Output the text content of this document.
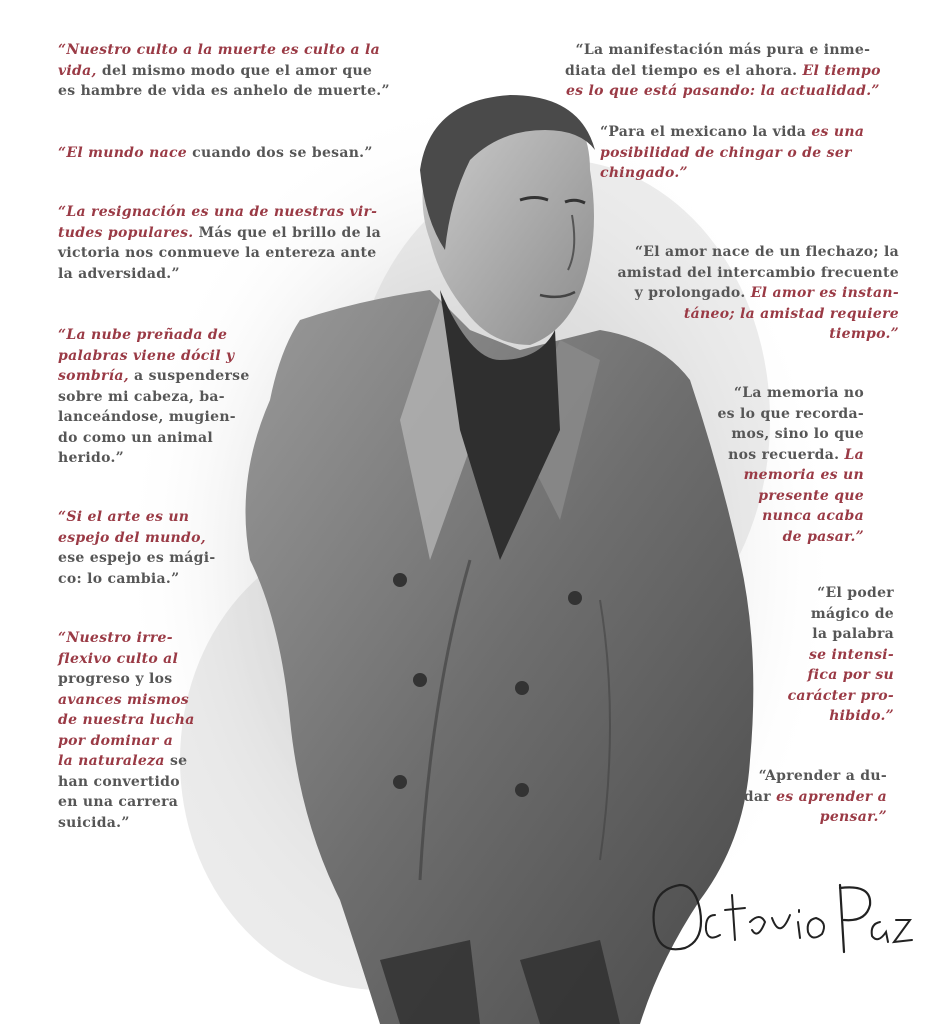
“Nuestro culto a la muerte es culto a la
vida, del mismo modo que el amor que
es hambre de vida es anhelo de muerte.”
“El mundo nace cuando dos se besan.”
“La resignación es una de nuestras vir-
tudes populares. Más que el brillo de la
victoria nos conmueve la entereza ante
la adversidad.”
“La nube preñada de
palabras viene dócil y
sombría, a suspenderse
sobre mi cabeza, ba-
lanceándose, mugien-
do como un animal
herido.”
“Si el arte es un
espejo del mundo,
ese espejo es mági-
co: lo cambia.”
“Nuestro irre-
flexivo culto al
progreso y los
avances mismos
de nuestra lucha
por dominar a
la naturaleza se
han convertido
en una carrera
suicida.”
“La manifestación más pura e inme-
diata del tiempo es el ahora. El tiempo
es lo que está pasando: la actualidad.”
“Para el mexicano la vida es una
posibilidad de chingar o de ser
chingado.”
“El amor nace de un flechazo; la
amistad del intercambio frecuente
y prolongado. El amor es instan-
táneo; la amistad requiere
tiempo.”
“La memoria no
es lo que recorda-
mos, sino lo que
nos recuerda. La
memoria es un
presente que
nunca acaba
de pasar.”
“El poder
mágico de
la palabra
se intensi-
fica por su
carácter pro-
hibido.”
“Aprender a du-
dar es aprender a
pensar.”
